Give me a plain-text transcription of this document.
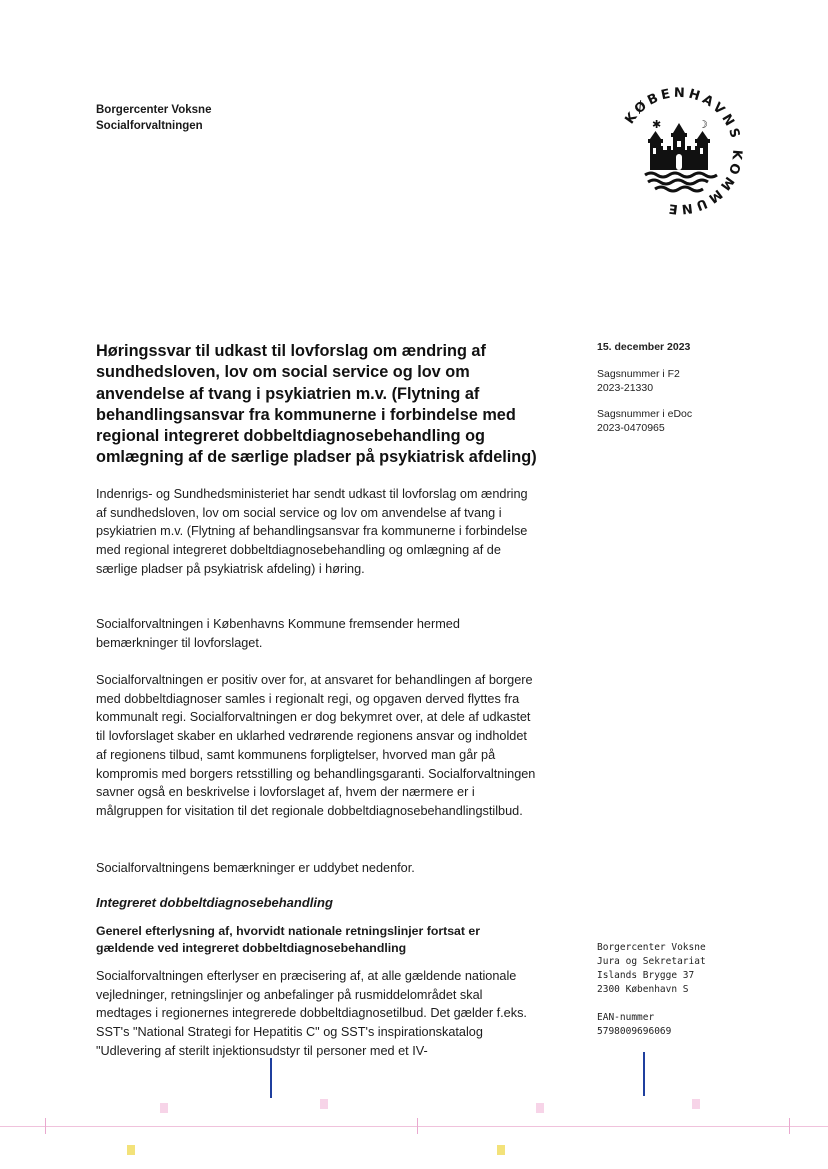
Borgercenter Voksne
Socialforvaltningen	KØBENHAVNS KOMMUNE
✱	☽
Høringssvar til udkast til lovforslag om ændring af sundhedsloven, lov om social service og lov om anvendelse af tvang i psykiatrien m.v. (Flytning af behandlingsansvar fra kommunerne i forbindelse med regional integreret dobbeltdiagnosebehandling og omlægning af de særlige pladser på psykiatrisk afdeling)
15. december 2023
Sagsnummer i F2
2023-21330
Sagsnummer i eDoc
2023-0470965

Indenrigs- og Sundhedsministeriet har sendt udkast til lovforslag om ændring af sundhedsloven, lov om social service og lov om anvendelse af tvang i psykiatrien m.v. (Flytning af behandlingsansvar fra kommunerne i forbindelse med regional integreret dobbeltdiagnosebehandling og omlægning af de særlige pladser på psykiatrisk afdeling) i høring.

Socialforvaltningen i Københavns Kommune fremsender hermed bemærkninger til lovforslaget.

Socialforvaltningen er positiv over for, at ansvaret for behandlingen af borgere med dobbeltdiagnoser samles i regionalt regi, og opgaven derved flyttes fra kommunalt regi. Socialforvaltningen er dog bekymret over, at dele af udkastet til lovforslaget skaber en uklarhed vedrørende regionens ansvar og indholdet af regionens tilbud, samt kommunens forpligtelser, hvorved man går på kompromis med borgers retsstilling og behandlingsgaranti. Socialforvaltningen savner også en beskrivelse i lovforslaget af, hvem der nærmere er i målgruppen for visitation til det regionale dobbeltdiagnosebehandlingstilbud.

Socialforvaltningens bemærkninger er uddybet nedenfor.

Integreret dobbeltdiagnosebehandling
Generel efterlysning af, hvorvidt nationale retningslinjer fortsat er gældende ved integreret dobbeltdiagnosebehandling

Socialforvaltningen efterlyser en præcisering af, at alle gældende nationale vejledninger, retningslinjer og anbefalinger på rusmiddelområdet skal medtages i regionernes integrerede dobbeltdiagnosetilbud. Det gælder f.eks. SST's "National Strategi for Hepatitis C" og SST's inspirationskatalog "Udlevering af sterilt injektionsudstyr til personer med et IV-

Borgercenter Voksne
Jura og Sekretariat
Islands Brygge 37
2300 København S
EAN-nummer
5798009696069
